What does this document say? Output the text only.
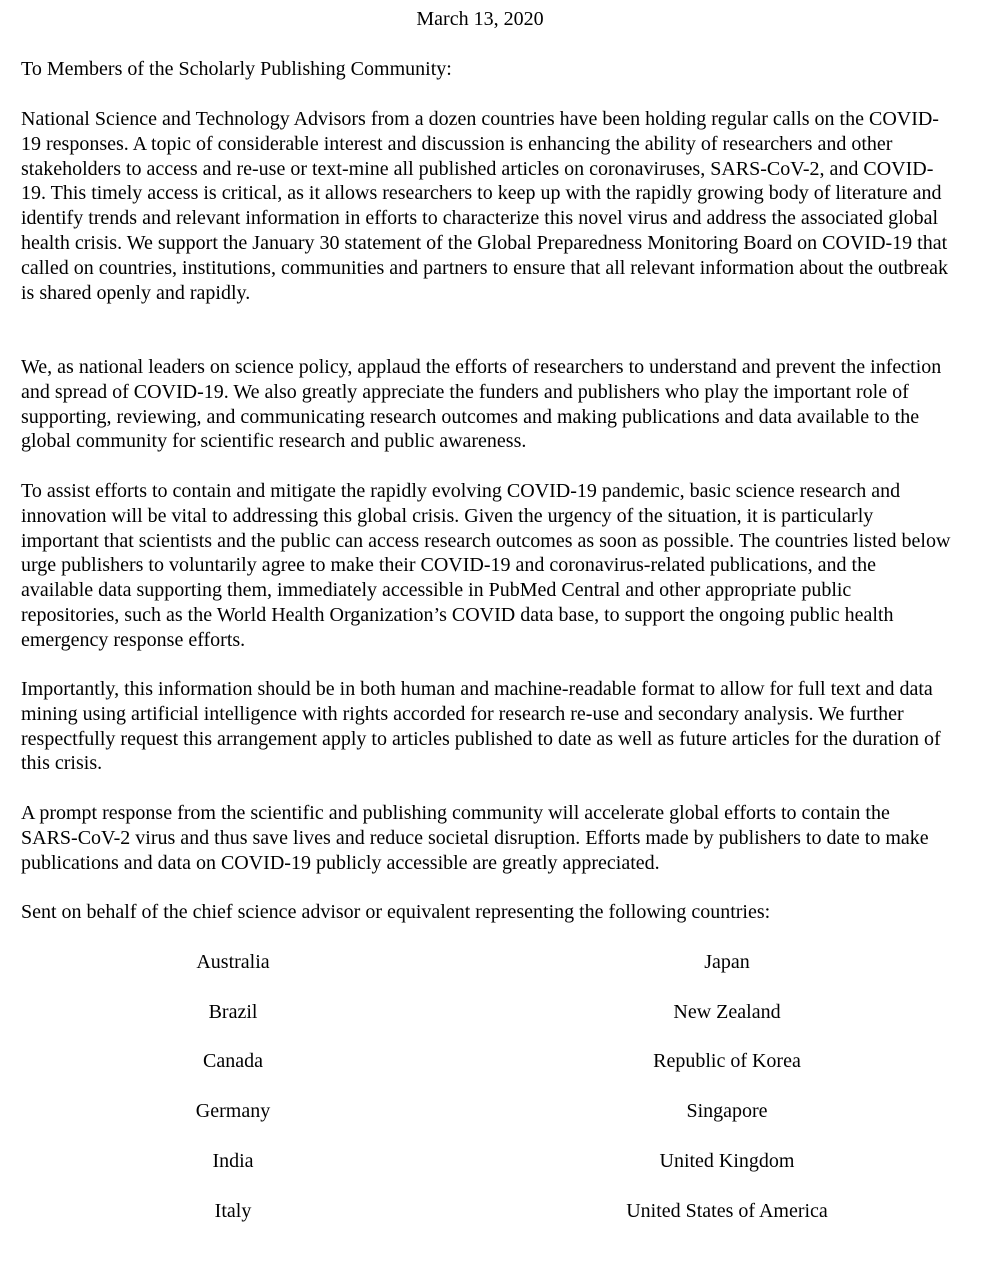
March 13, 2020
To Members of the Scholarly Publishing Community:

National Science and Technology Advisors from a dozen countries have been holding regular calls on the COVID-19 responses. A topic of considerable interest and discussion is enhancing the ability of researchers and other stakeholders to access and re-use or text-mine all published articles on coronaviruses, SARS-CoV-2, and COVID-19. This timely access is critical, as it allows researchers to keep up with the rapidly growing body of literature and identify trends and relevant information in efforts to characterize this novel virus and address the associated global health crisis. We support the January 30 statement of the Global Preparedness Monitoring Board on COVID-19 that called on countries, institutions, communities and partners to ensure that all relevant information about the outbreak is shared openly and rapidly.

We, as national leaders on science policy, applaud the efforts of researchers to understand and prevent the infection and spread of COVID-19. We also greatly appreciate the funders and publishers who play the important role of supporting, reviewing, and communicating research outcomes and making publications and data available to the global community for scientific research and public awareness.

To assist efforts to contain and mitigate the rapidly evolving COVID-19 pandemic, basic science research and innovation will be vital to addressing this global crisis. Given the urgency of the situation, it is particularly important that scientists and the public can access research outcomes as soon as possible. The countries listed below urge publishers to voluntarily agree to make their COVID-19 and coronavirus-related publications, and the available data supporting them, immediately accessible in PubMed Central and other appropriate public repositories, such as the World Health Organization’s COVID data base, to support the ongoing public health emergency response efforts.

Importantly, this information should be in both human and machine-readable format to allow for full text and data mining using artificial intelligence with rights accorded for research re-use and secondary analysis. We further respectfully request this arrangement apply to articles published to date as well as future articles for the duration of this crisis.

A prompt response from the scientific and publishing community will accelerate global efforts to contain the SARS-CoV-2 virus and thus save lives and reduce societal disruption. Efforts made by publishers to date to make publications and data on COVID-19 publicly accessible are greatly appreciated.

Sent on behalf of the chief science advisor or equivalent representing the following countries:

Australia
Brazil
Canada
Germany
India
Italy
Japan
New Zealand
Republic of Korea
Singapore
United Kingdom
United States of America
